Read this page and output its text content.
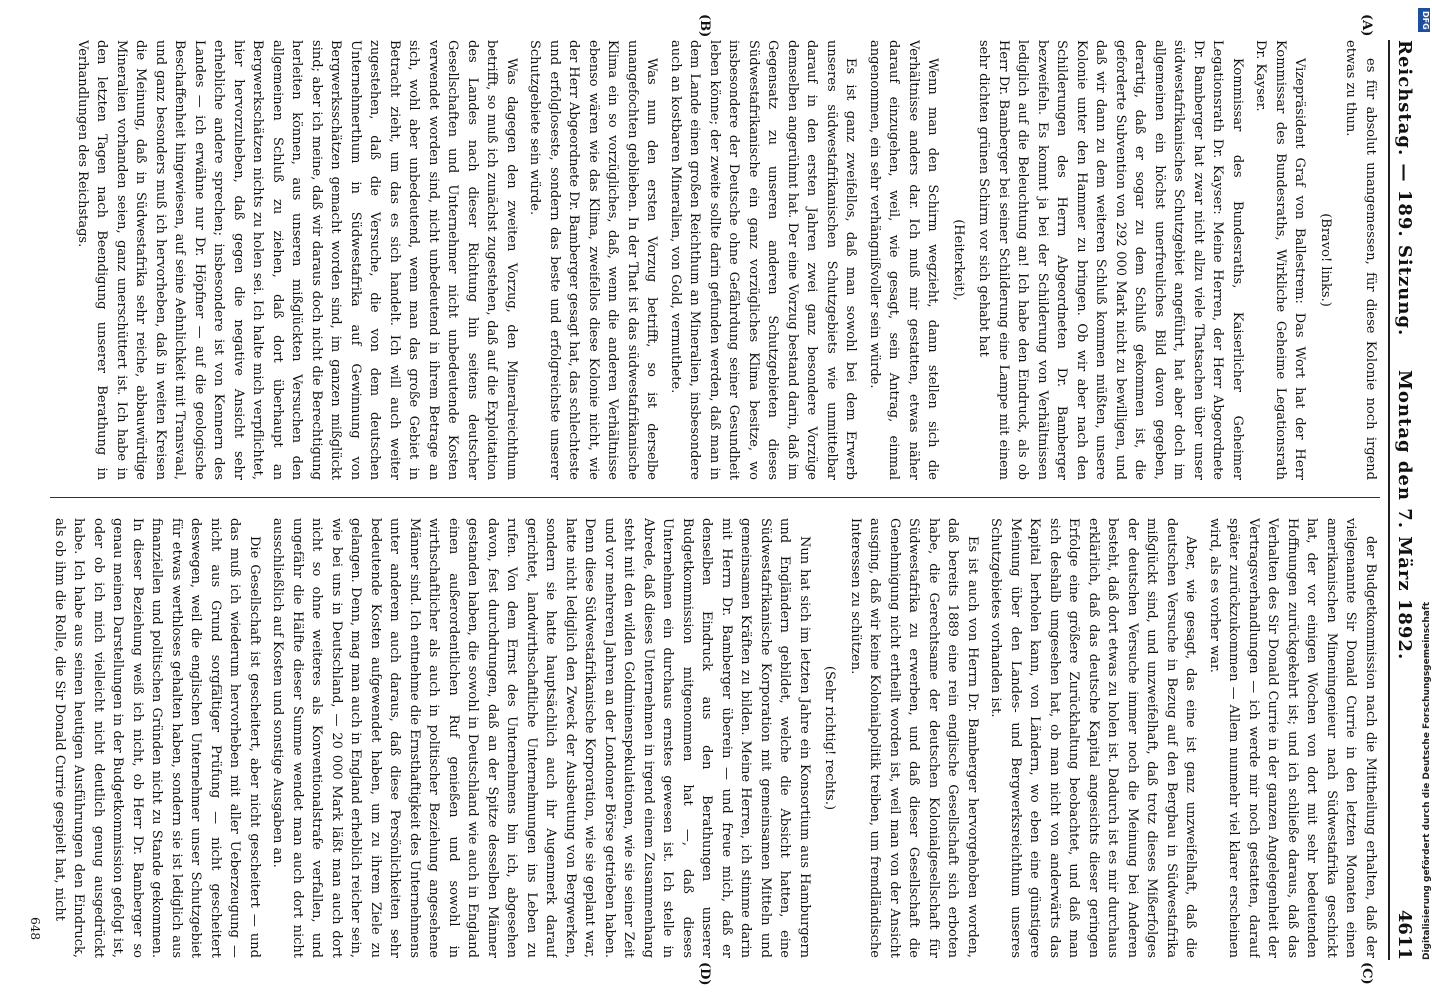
Reichstag. — 189. Sitzung.
Montag den 7. März 1892.
4611
(A)
(B)
(C)
(D)

es für absolut unangemessen, für diese Kolonie noch irgend etwas zu thun.

(Bravo! links.)

Vizepräsident Graf von Ballestrem: Das Wort hat der Herr Kommissar des Bundesraths, Wirkliche Geheime Legationsrath Dr. Kayser.

Kommissar des Bundesraths, Kaiserlicher Geheimer Legationsrath Dr. Kayser: Meine Herren, der Herr Abgeordnete Dr. Bamberger hat zwar nicht allzu viele Thatsachen über unser südwestafrikanisches Schutzgebiet angeführt, hat aber doch im allgemeinen ein höchst unerfreuliches Bild davon gegeben, derartig, daß er sogar zu dem Schluß gekommen ist, die geforderte Subvention von 292 000 Mark nicht zu bewilligen, und daß wir dann zu dem weiteren Schluß kommen müßten, unsere Kolonie unter den Hammer zu bringen. Ob wir aber nach den Schilderungen des Herrn Abgeordneten Dr. Bamberger bezweifeln. Es kommt ja bei der Schilderung von Verhältnissen lediglich auf die Beleuchtung an! Ich habe den Eindruck, als ob Herr Dr. Bamberger bei seiner Schilderung eine Lampe mit einem sehr dichten grünen Schirm vor sich gehabt hat

(Heiterkeit),

Wenn man den Schirm wegzieht, dann stellen sich die Verhältnisse anders dar. Ich muß mir gestatten, etwas näher darauf einzugehen, weil, wie gesagt, sein Antrag, einmal angenommen, ein sehr verhängnißvoller sein würde.

Es ist ganz zweifellos, daß man sowohl bei dem Erwerb unseres südwestafrikanischen Schutzgebiets wie unmittelbar darauf in den ersten Jahren zwei ganz besondere Vorzüge demselben angerühmt hat. Der eine Vorzug bestand darin, daß im Gegensatz zu unseren anderen Schutzgebieten dieses Südwestafrikanische ein ganz vorzügliches Klima besitze, wo insbesondere der Deutsche ohne Gefährdung seiner Gesundheit leben könne; der zweite sollte darin gefunden werden, daß man in dem Lande einen großen Reichthum an Mineralien, insbesondere auch an kostbaren Mineralien, von Gold, vermuthete.

Was nun den ersten Vorzug betrifft, so ist derselbe unangefochten geblieben. In der That ist das südwestafrikanische Klima ein so vorzügliches, daß, wenn die anderen Verhältnisse ebenso wären wie das Klima, zweifellos diese Kolonie nicht, wie der Herr Abgeordnete Dr. Bamberger gesagt hat, das schlechteste und erfolgloseste, sondern das beste und erfolgreichste unserer Schutzgebiete sein würde.

Was dagegen den zweiten Vorzug, den Mineralreichthum betrifft, so muß ich zunächst zugestehen, daß auf die Exploitation des Landes nach dieser Richtung hin seitens deutscher Gesellschaften und Unternehmer nicht unbedeutende Kosten verwendet worden sind, nicht unbedeutend in ihrem Betrage an sich, wohl aber unbedeutend, wenn man das große Gebiet in Betracht zieht, um das es sich handelt. Ich will auch weiter zugestehen, daß die Versuche, die von dem deutschen Unternehmerthum in Südwestafrika auf Gewinnung von Bergwerksschätzen gemacht worden sind, im ganzen mißglückt sind; aber ich meine, daß wir daraus doch nicht die Berechtigung herleiten können, aus unseren mißglückten Versuchen den allgemeinen Schluß zu ziehen, daß dort überhaupt an Bergwerkschätzen nichts zu holen sei. Ich halte mich verpflichtet, hier hervorzuheben, daß gegen die negative Ansicht sehr erhebliche andere sprechen; insbesondere ist von Kennern des Landes — ich erwähne nur Dr. Höpfner — auf die geologische Beschaffenheit hingewiesen, auf seine Aehnlichkeit mit Transvaal, und ganz besonders muß ich hervorheben, daß in weiten Kreisen die Meinung, daß in Südwestafrika sehr reiche, abbauwürdige Mineralien vorhanden seien, ganz unerschüttert ist. Ich habe in den letzten Tagen nach Beendigung unserer Berathung in Verhandlungen des Reichstags.

der Budgetkommission nach die Mittheilung erhalten, daß der vielgenannte Sir Donald Currie in den letzten Monaten einen amerikanischen Mineningenieur nach Südwestafrika geschickt hat, der vor einigen Wochen von dort mit sehr bedeutenden Hoffnungen zurückgekehrt ist; und ich schließe daraus, daß das Verhalten des Sir Donald Currie in der ganzen Angelegenheit der Vertragsverhandlungen — ich werde mir noch gestatten, darauf später zurückzukommen — Allem nunmehr viel klarer erscheinen wird, als es vorher war.

Aber, wie gesagt, das eine ist ganz unzweifelhaft, daß die deutschen Versuche in Bezug auf den Bergbau in Südwestafrika mißglückt sind, und unzweifelhaft, daß trotz dieses Mißerfolges der deutschen Versuche immer noch die Meinung bei Anderen besteht, daß dort etwas zu holen ist. Dadurch ist es mir durchaus erklärlich, daß das deutsche Kapital angesichts dieser geringen Erfolge eine größere Zurückhaltung beobachtet, und daß man sich deshalb umgesehen hat, ob man nicht von anderwärts das Kapital herholen kann, von Ländern, wo eben eine günstigere Meinung über den Landes- und Bergwerksreichthum unseres Schutzgebietes vorhanden ist.

Es ist auch von Herrn Dr. Bamberger hervorgehoben worden, daß bereits 1889 eine rein englische Gesellschaft sich erboten habe, die Gerechtsame der deutschen Kolonialgesellschaft für Südwestafrika zu erwerben, und daß dieser Gesellschaft die Genehmigung nicht ertheilt worden ist, weil man von der Ansicht ausging, daß wir keine Kolonialpolitik treiben, um fremdländische Interessen zu schützen.

(Sehr richtig! rechts.)

Nun hat sich im letzten Jahre ein Konsortium aus Hamburgern und Engländern gebildet, welche die Absicht hatten, eine Südwestafrikanische Korporation mit gemeinsamen Mitteln und gemeinsamen Kräften zu bilden. Meine Herren, ich stimme darin mit Herrn Dr. Bamberger überein — und freue mich, daß er denselben Eindruck aus den Berathungen unserer Budgetkommission mitgenommen hat —, daß dieses Unternehmen ein durchaus ernstes gewesen ist. Ich stelle in Abrede, daß dieses Unternehmen in irgend einem Zusammenhang steht mit den wilden Goldminenspekulationen, wie sie seiner Zeit und vor mehreren Jahren an der Londoner Börse getrieben haben. Denn diese Südwestafrikanische Korporation, wie sie geplant war, hatte nicht lediglich den Zweck der Ausbeutung von Bergwerken, sondern sie hatte hauptsächlich auch ihr Augenmerk darauf gerichtet, landwirthschaftliche Unternehmungen ins Leben zu rufen. Von dem Ernst des Unternehmens bin ich, abgesehen davon, fest durchdrungen, daß an der Spitze desselben Männer gestanden haben, die sowohl in Deutschland wie auch in England einen außerordentlichen Ruf genießen und sowohl in wirthschaftlicher als auch in politischer Beziehung angesehene Männer sind. Ich entnehme die Ernsthaftigkeit des Unternehmens unter anderem auch daraus, daß diese Persönlichkeiten sehr bedeutende Kosten aufgewendet haben, um zu ihrem Ziele zu gelangen. Denn, mag man auch in England erheblich reicher sein, wie bei uns in Deutschland, — 20 000 Mark läßt man auch dort nicht so ohne weiteres als Konventionalstrafe verfallen, und ungefähr die Hälfte dieser Summe wendet man auch dort nicht ausschließlich auf Kosten und sonstige Ausgaben an.

Die Gesellschaft ist gescheitert, aber nicht gescheitert — und das muß ich wiederum hervorheben mit aller Ueberzeugung — nicht aus Grund sorgfältiger Prüfung — nicht gescheitert deswegen, weil die englischen Unternehmer unser Schutzgebiet für etwas werthloses gehalten haben, sondern sie ist lediglich aus finanziellen und politischen Gründen nicht zu Stande gekommen. In dieser Beziehung weiß ich nicht, ob Herr Dr. Bamberger so genau meinen Darstellungen in der Budgetkommission gefolgt ist, oder ob ich mich vielleicht nicht deutlich genug ausgedrückt habe. Ich habe aus seinen heutigen Ausführungen den Eindruck, als ob ihm die Rolle, die Sir Donald Currie gespielt hat, nicht

648	Digitalisierung gefördert durch die Deutsche Forschungsgemeinschaft
DFG
